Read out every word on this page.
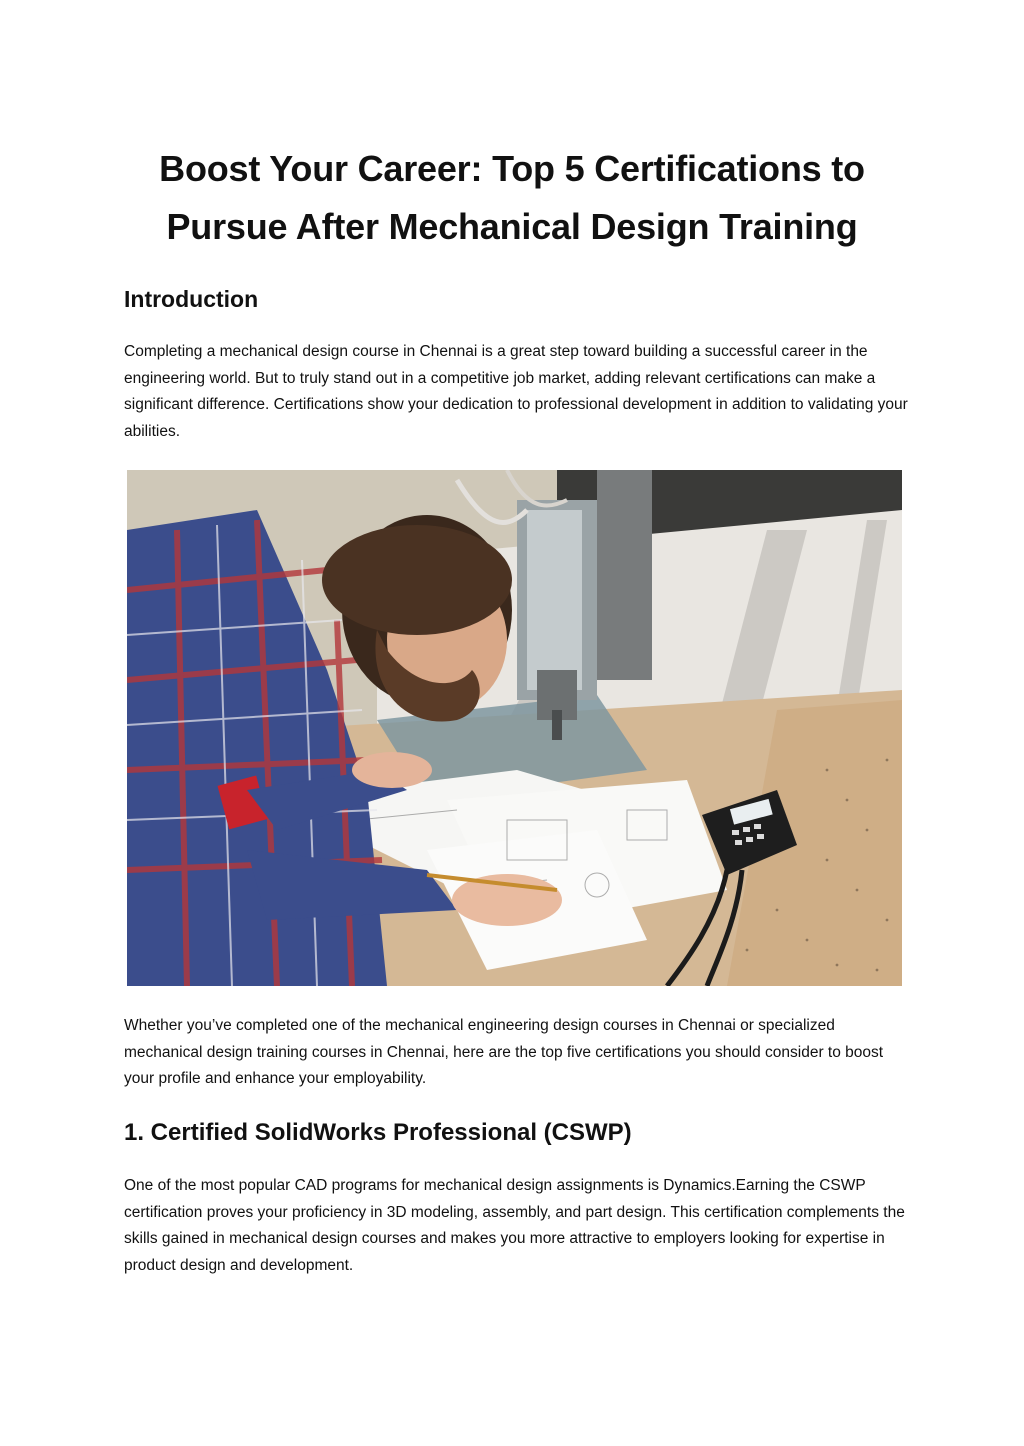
Boost Your Career: Top 5 Certifications to Pursue After Mechanical Design Training
Introduction

Completing a mechanical design course in Chennai is a great step toward building a successful career in the engineering world. But to truly stand out in a competitive job market, adding relevant certifications can make a significant difference. Certifications show your dedication to professional development in addition to validating your abilities.

Whether you’ve completed one of the mechanical engineering design courses in Chennai or specialized mechanical design training courses in Chennai, here are the top five certifications you should consider to boost your profile and enhance your employability.

1. Certified SolidWorks Professional (CSWP)

One of the most popular CAD programs for mechanical design assignments is Dynamics.Earning the CSWP certification proves your proficiency in 3D modeling, assembly, and part design. This certification complements the skills gained in mechanical design courses and makes you more attractive to employers looking for expertise in product design and development.
